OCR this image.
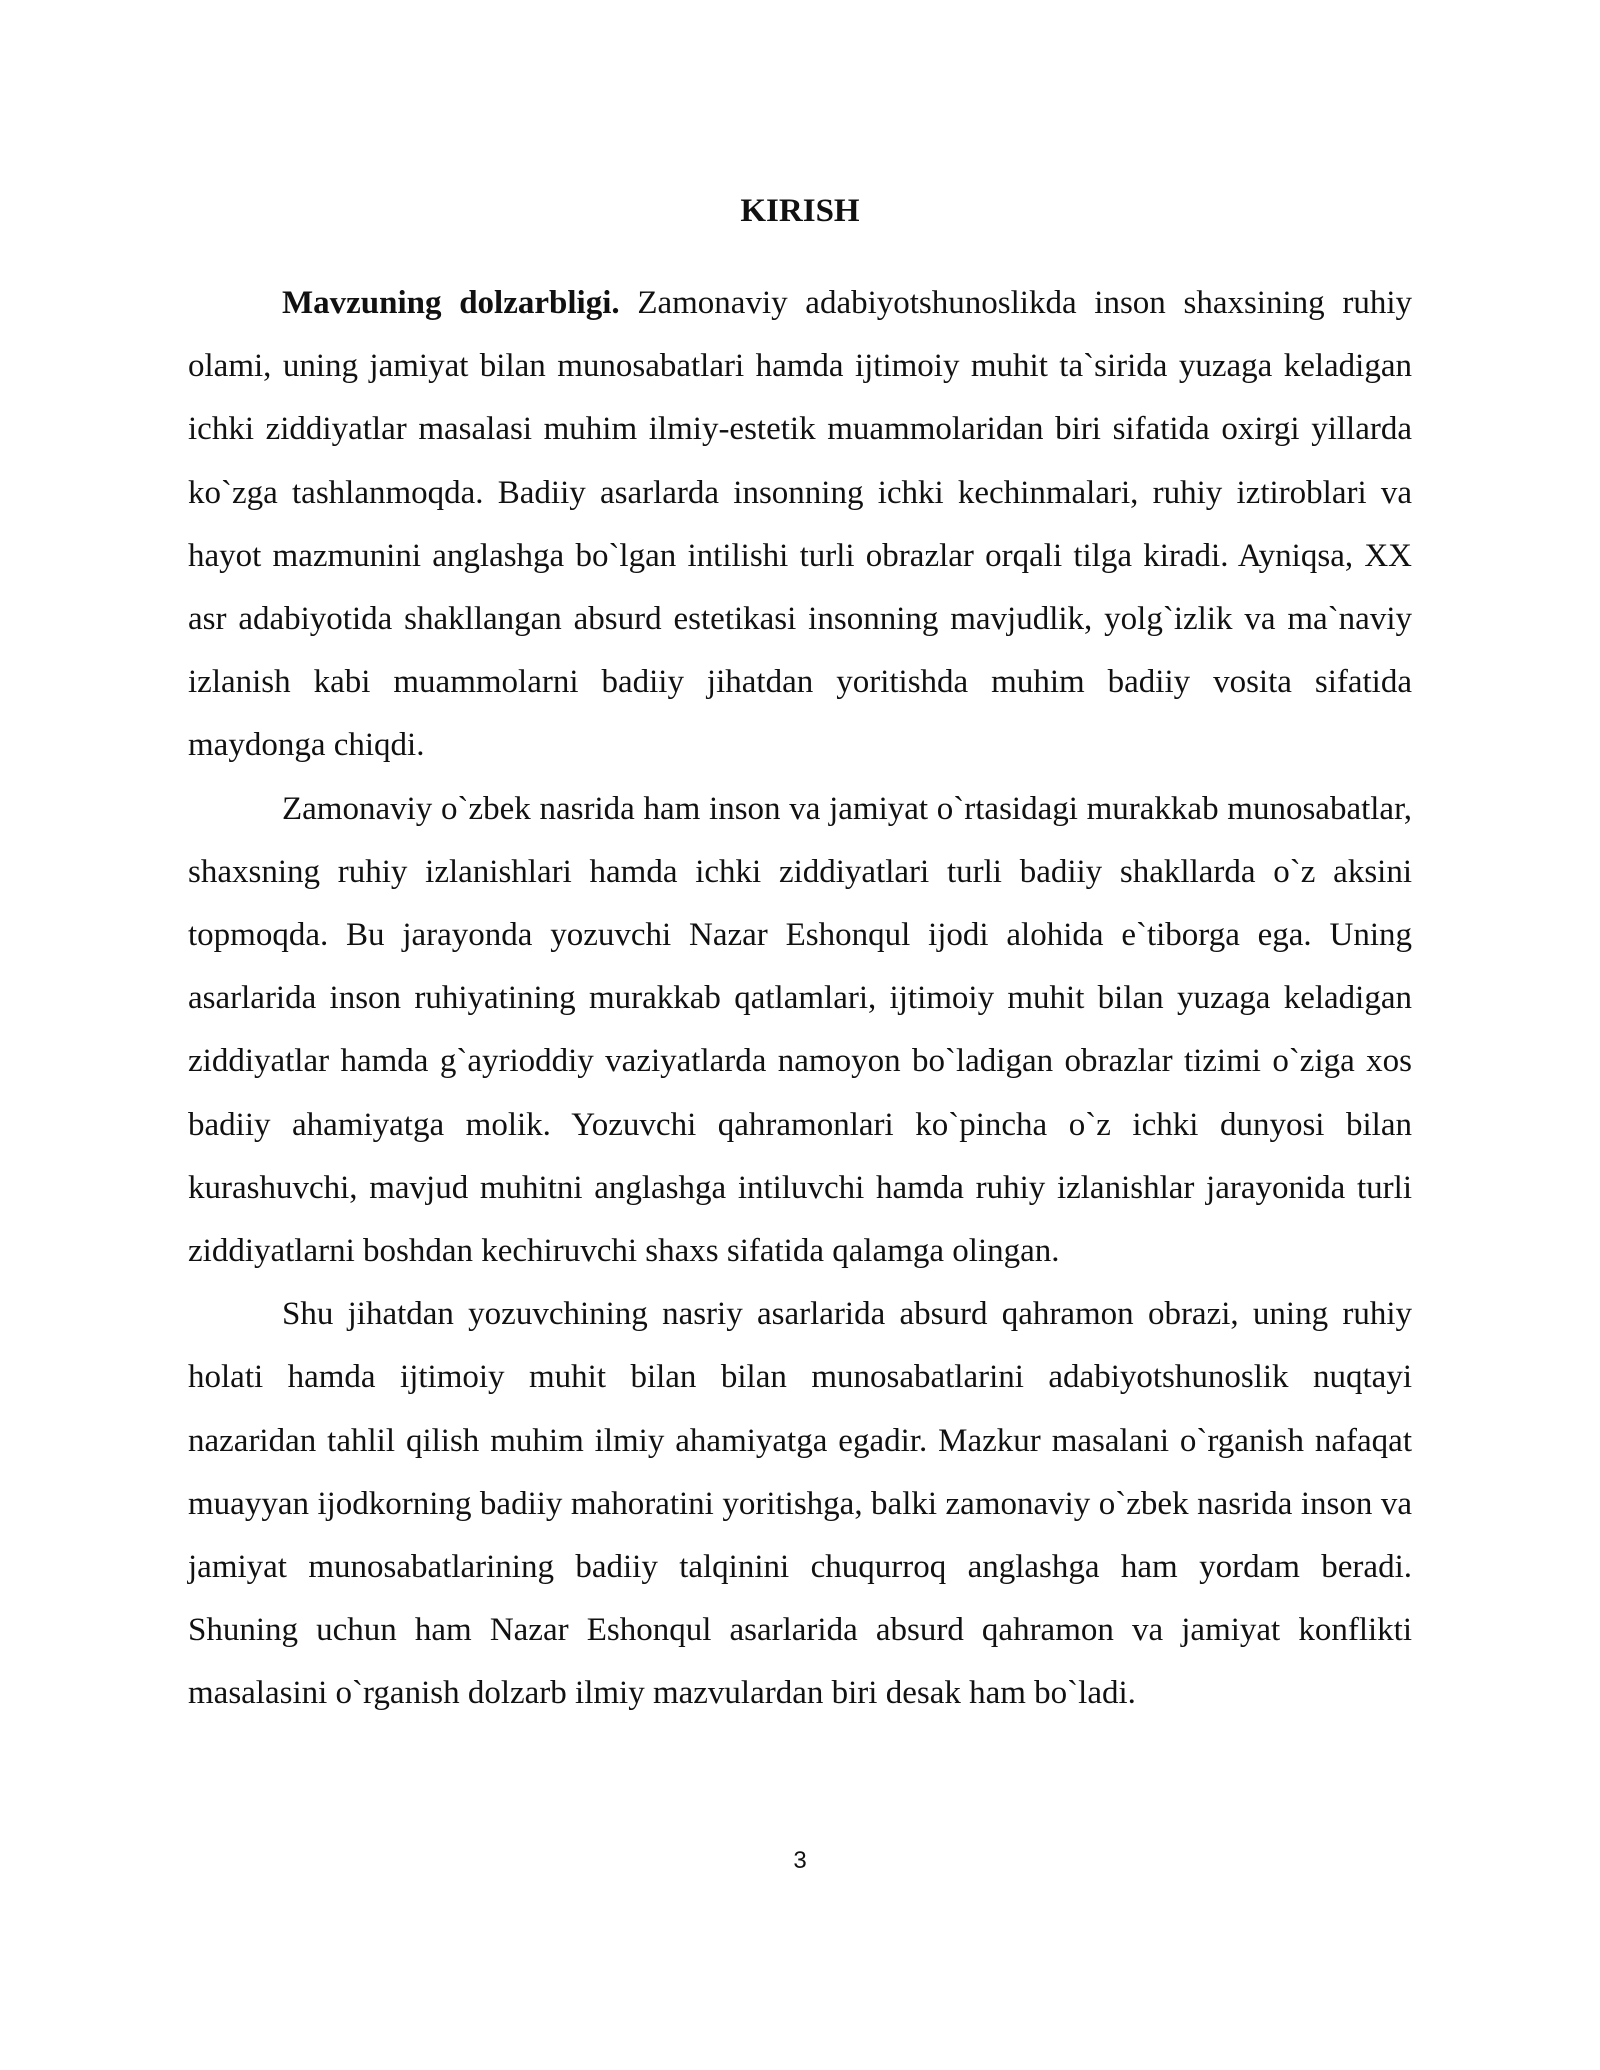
KIRISH

Mavzuning dolzarbligi. Zamonaviy adabiyotshunoslikda inson shaxsining ruhiy olami, uning jamiyat bilan munosabatlari hamda ijtimoiy muhit ta`sirida yuzaga keladigan ichki ziddiyatlar masalasi muhim ilmiy-estetik muammolaridan biri sifatida oxirgi yillarda ko`zga tashlanmoqda. Badiiy asarlarda insonning ichki kechinmalari, ruhiy iztiroblari va hayot mazmunini anglashga bo`lgan intilishi turli obrazlar orqali tilga kiradi. Ayniqsa, XX asr adabiyotida shakllangan absurd estetikasi insonning mavjudlik, yolg`izlik va ma`naviy izlanish kabi muammolarni badiiy jihatdan yoritishda muhim badiiy vosita sifatida maydonga chiqdi.

Zamonaviy o`zbek nasrida ham inson va jamiyat o`rtasidagi murakkab munosabatlar, shaxsning ruhiy izlanishlari hamda ichki ziddiyatlari turli badiiy shakllarda o`z aksini topmoqda. Bu jarayonda yozuvchi Nazar Eshonqul ijodi alohida e`tiborga ega. Uning asarlarida inson ruhiyatining murakkab qatlamlari, ijtimoiy muhit bilan yuzaga keladigan ziddiyatlar hamda g`ayrioddiy vaziyatlarda namoyon bo`ladigan obrazlar tizimi o`ziga xos badiiy ahamiyatga molik. Yozuvchi qahramonlari ko`pincha o`z ichki dunyosi bilan kurashuvchi, mavjud muhitni anglashga intiluvchi hamda ruhiy izlanishlar jarayonida turli ziddiyatlarni boshdan kechiruvchi shaxs sifatida qalamga olingan.

Shu jihatdan yozuvchining nasriy asarlarida absurd qahramon obrazi, uning ruhiy holati hamda ijtimoiy muhit bilan bilan munosabatlarini adabiyotshunoslik nuqtayi nazaridan tahlil qilish muhim ilmiy ahamiyatga egadir. Mazkur masalani o`rganish nafaqat muayyan ijodkorning badiiy mahoratini yoritishga, balki zamonaviy o`zbek nasrida inson va jamiyat munosabatlarining badiiy talqinini chuqurroq anglashga ham yordam beradi. Shuning uchun ham Nazar Eshonqul asarlarida absurd qahramon va jamiyat konflikti masalasini o`rganish dolzarb ilmiy mazvulardan biri desak ham bo`ladi.

3
